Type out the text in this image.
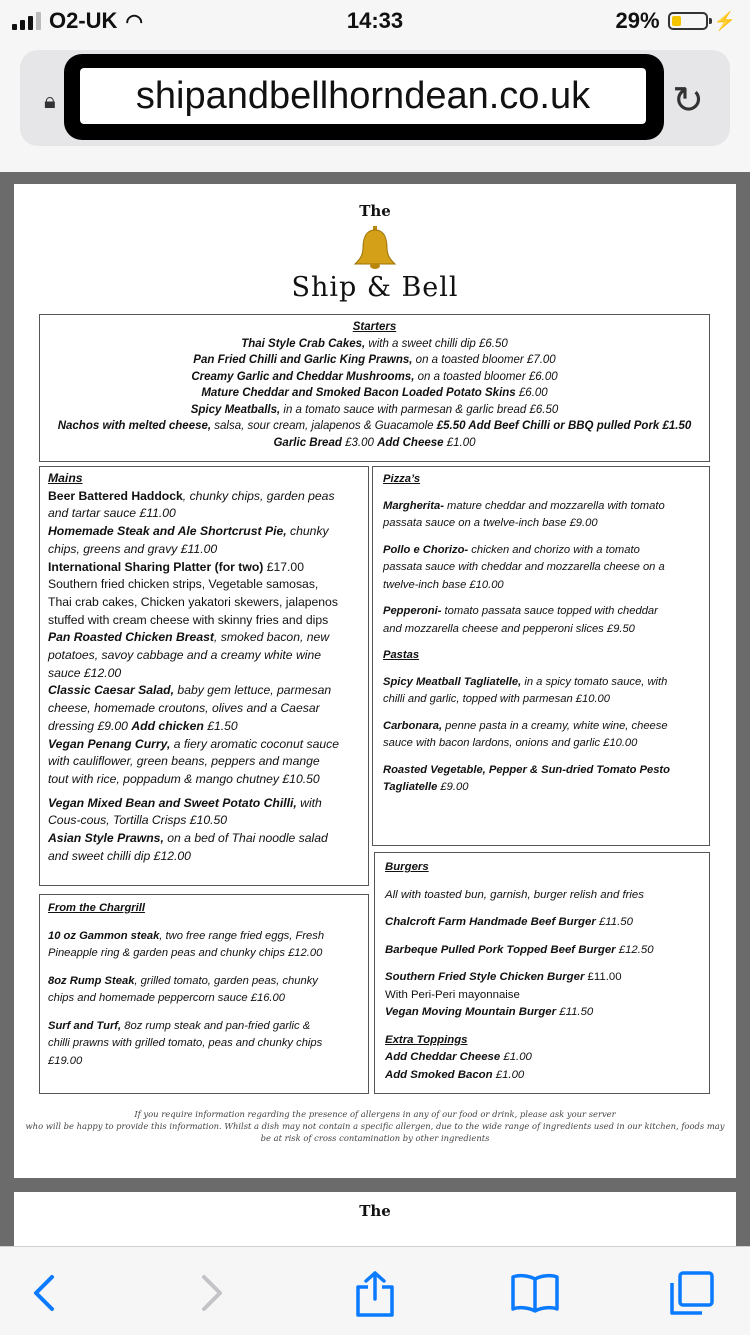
O2-UK ◠	14:33	29%	⚡
🔒︎	shipandbellhorndean.co.uk	↻
The
Ship & Bell
Starters
Thai Style Crab Cakes, with a sweet chilli dip £6.50
Pan Fried Chilli and Garlic King Prawns, on a toasted bloomer £7.00
Creamy Garlic and Cheddar Mushrooms, on a toasted bloomer £6.00
Mature Cheddar and Smoked Bacon Loaded Potato Skins £6.00
Spicy Meatballs, in a tomato sauce with parmesan & garlic bread £6.50
Nachos with melted cheese, salsa, sour cream, jalapenos & Guacamole £5.50 Add Beef Chilli or BBQ pulled Pork £1.50
Garlic Bread £3.00 Add Cheese £1.00
Mains
Beer Battered Haddock, chunky chips, garden peas
and tartar sauce £11.00
Homemade Steak and Ale Shortcrust Pie, chunky
chips, greens and gravy £11.00
International Sharing Platter (for two) £17.00
Southern fried chicken strips, Vegetable samosas,
Thai crab cakes, Chicken yakatori skewers, jalapenos
stuffed with cream cheese with skinny fries and dips
Pan Roasted Chicken Breast, smoked bacon, new
potatoes, savoy cabbage and a creamy white wine
sauce £12.00
Classic Caesar Salad, baby gem lettuce, parmesan
cheese, homemade croutons, olives and a Caesar
dressing £9.00 Add chicken £1.50
Vegan Penang Curry, a fiery aromatic coconut sauce
with cauliflower, green beans, peppers and mange
tout with rice, poppadum & mango chutney £10.50
Vegan Mixed Bean and Sweet Potato Chilli, with
Cous-cous, Tortilla Crisps £10.50
Asian Style Prawns, on a bed of Thai noodle salad
and sweet chilli dip £12.00
Pizza’s
Margherita- mature cheddar and mozzarella with tomato
passata sauce on a twelve-inch base £9.00
Pollo e Chorizo- chicken and chorizo with a tomato
passata sauce with cheddar and mozzarella cheese on a
twelve-inch base £10.00
Pepperoni- tomato passata sauce topped with cheddar
and mozzarella cheese and pepperoni slices £9.50
Pastas
Spicy Meatball Tagliatelle, in a spicy tomato sauce, with
chilli and garlic, topped with parmesan £10.00
Carbonara, penne pasta in a creamy, white wine, cheese
sauce with bacon lardons, onions and garlic £10.00
Roasted Vegetable, Pepper & Sun-dried Tomato Pesto
Tagliatelle £9.00
From the Chargrill
10 oz Gammon steak, two free range fried eggs, Fresh
Pineapple ring & garden peas and chunky chips £12.00
8oz Rump Steak, grilled tomato, garden peas, chunky
chips and homemade peppercorn sauce £16.00
Surf and Turf, 8oz rump steak and pan-fried garlic &
chilli prawns with grilled tomato, peas and chunky chips
£19.00
Burgers
All with toasted bun, garnish, burger relish and fries
Chalcroft Farm Handmade Beef Burger £11.50
Barbeque Pulled Pork Topped Beef Burger £12.50
Southern Fried Style Chicken Burger £11.00
With Peri-Peri mayonnaise
Vegan Moving Mountain Burger £11.50
Extra Toppings
Add Cheddar Cheese £1.00
Add Smoked Bacon £1.00
If you require information regarding the presence of allergens in any of our food or drink, please ask your server
who will be happy to provide this information. Whilst a dish may not contain a specific allergen, due to the wide range of ingredients used in our kitchen, foods may
be at risk of cross contamination by other ingredients
The
